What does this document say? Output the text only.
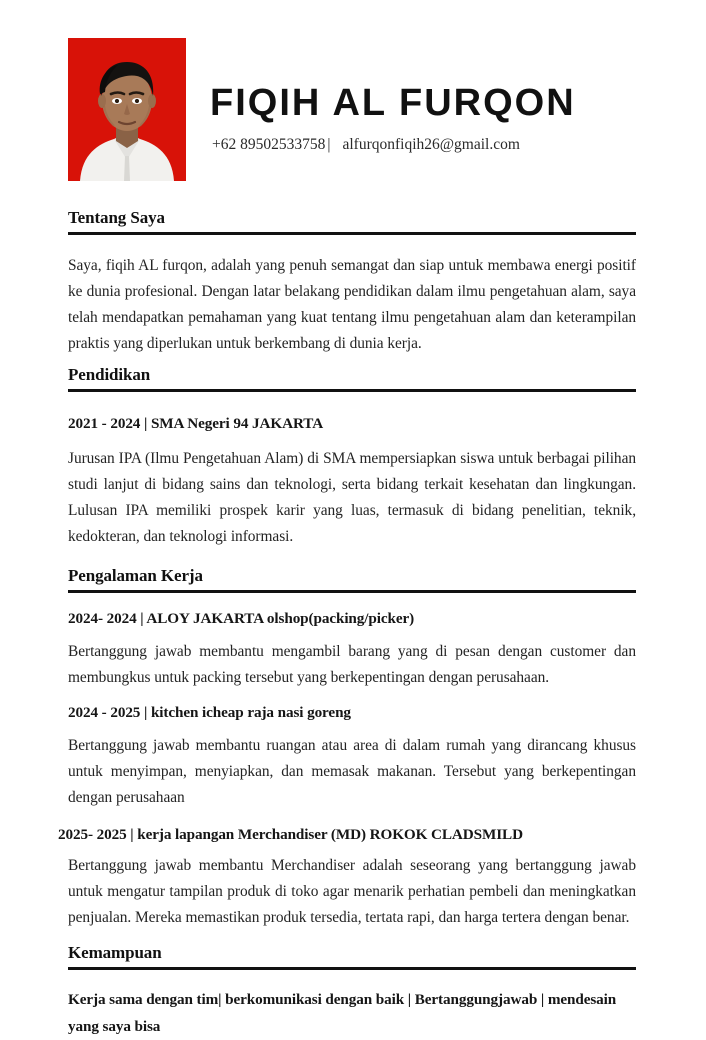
FIQIH AL FURQON
+62 89502533758 | alfurqonfiqih26@gmail.com
Tentang Saya

Saya, fiqih AL furqon, adalah yang penuh semangat dan siap untuk membawa energi positif ke dunia profesional. Dengan latar belakang pendidikan dalam ilmu pengetahuan alam, saya telah mendapatkan pemahaman yang kuat tentang ilmu pengetahuan alam dan keterampilan praktis yang diperlukan untuk berkembang di dunia kerja.

Pendidikan
2021 - 2024 | SMA Negeri 94 JAKARTA

Jurusan IPA (Ilmu Pengetahuan Alam) di SMA mempersiapkan siswa untuk berbagai pilihan studi lanjut di bidang sains dan teknologi, serta bidang terkait kesehatan dan lingkungan. Lulusan IPA memiliki prospek karir yang luas, termasuk di bidang penelitian, teknik, kedokteran, dan teknologi informasi.

Pengalaman Kerja
2024- 2024 | ALOY JAKARTA olshop(packing/picker)

Bertanggung jawab membantu mengambil barang yang di pesan dengan customer dan membungkus untuk packing tersebut yang berkepentingan dengan perusahaan.

2024 - 2025 | kitchen icheap raja nasi goreng

Bertanggung jawab membantu ruangan atau area di dalam rumah yang dirancang khusus untuk menyimpan, menyiapkan, dan memasak makanan. Tersebut yang berkepentingan dengan perusahaan

2025- 2025 | kerja lapangan Merchandiser (MD) ROKOK CLADSMILD

Bertanggung jawab membantu Merchandiser adalah seseorang yang bertanggung jawab untuk mengatur tampilan produk di toko agar menarik perhatian pembeli dan meningkatkan penjualan. Mereka memastikan produk tersedia, tertata rapi, dan harga tertera dengan benar.

Kemampuan

Kerja sama dengan tim| berkomunikasi dengan baik | Bertanggungjawab | mendesain yang saya bisa
